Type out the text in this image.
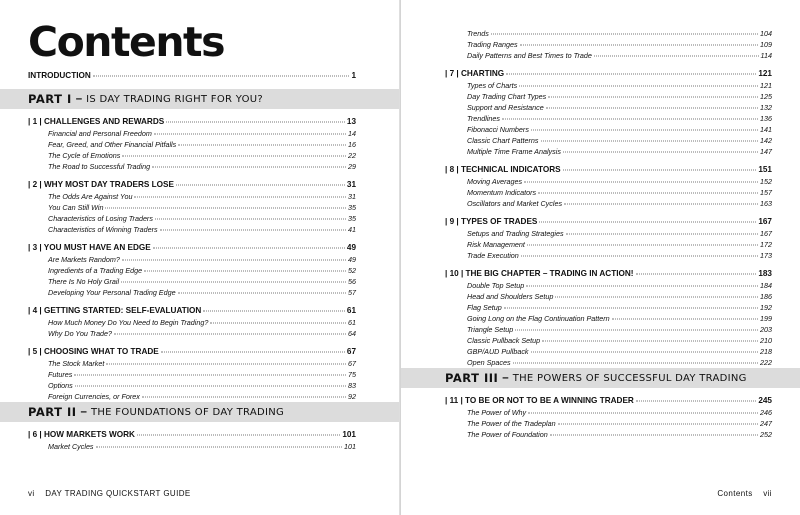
Contents
INTRODUCTION	1
PART I – IS DAY TRADING RIGHT FOR YOU?
| 1 | CHALLENGES AND REWARDS	13
Financial and Personal Freedom	14
Fear, Greed, and Other Financial Pitfalls	16
The Cycle of Emotions	22
The Road to Successful Trading	29
| 2 | WHY MOST DAY TRADERS LOSE	31
The Odds Are Against You	31
You Can Still Win	35
Characteristics of Losing Traders	35
Characteristics of Winning Traders	41
| 3 | YOU MUST HAVE AN EDGE	49
Are Markets Random?	49
Ingredients of a Trading Edge	52
There Is No Holy Grail	56
Developing Your Personal Trading Edge	57
| 4 | GETTING STARTED: SELF-EVALUATION	61
How Much Money Do You Need to Begin Trading?	61
Why Do You Trade?	64
| 5 | CHOOSING WHAT TO TRADE	67
The Stock Market	67
Futures	75
Options	83
Foreign Currencies, or Forex	92
PART II – THE FOUNDATIONS OF DAY TRADING
| 6 | HOW MARKETS WORK	101
Market Cycles	101
vi DAY TRADING QUICKSTART GUIDE
Trends	104
Trading Ranges	109
Daily Patterns and Best Times to Trade	114
| 7 | CHARTING	121
Types of Charts	121
Day Trading Chart Types	125
Support and Resistance	132
Trendlines	136
Fibonacci Numbers	141
Classic Chart Patterns	142
Multiple Time Frame Analysis	147
| 8 | TECHNICAL INDICATORS	151
Moving Averages	152
Momentum Indicators	157
Oscillators and Market Cycles	163
| 9 | TYPES OF TRADES	167
Setups and Trading Strategies	167
Risk Management	172
Trade Execution	173
| 10 | THE BIG CHAPTER – TRADING IN ACTION!	183
Double Top Setup	184
Head and Shoulders Setup	186
Flag Setup	192
Going Long on the Flag Continuation Pattern	199
Triangle Setup	203
Classic Pullback Setup	210
GBP/AUD Pullback	218
Open Spaces	222
PART III – THE POWERS OF SUCCESSFUL DAY TRADING
| 11 | TO BE OR NOT TO BE A WINNING TRADER	245
The Power of Why	246
The Power of the Tradeplan	247
The Power of Foundation	252
Contents vii
